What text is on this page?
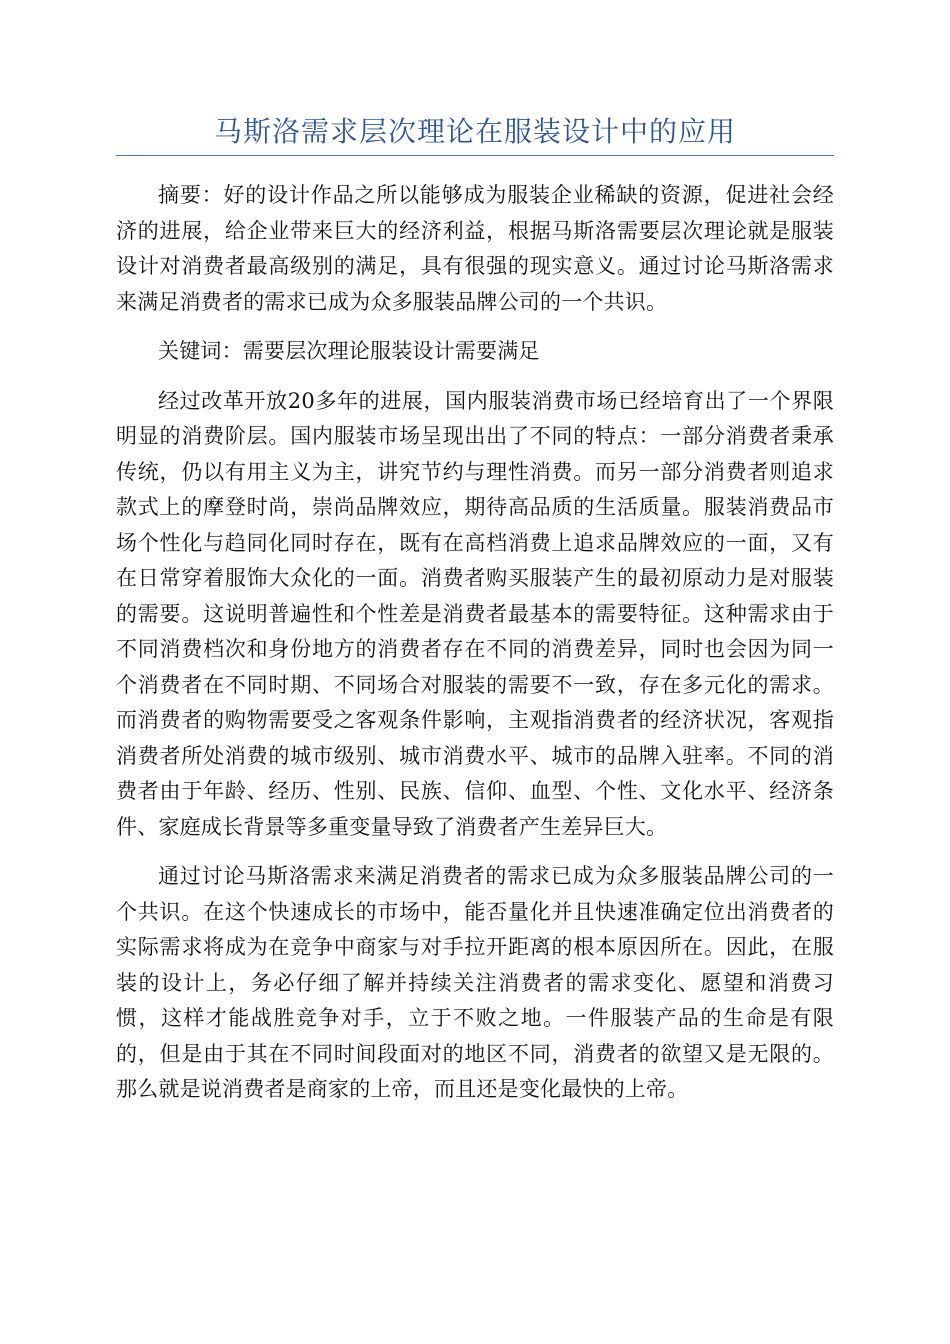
马斯洛需求层次理论在服装设计中的应用

摘要：好的设计作品之所以能够成为服装企业稀缺的资源，促进社会经济的进展，给企业带来巨大的经济利益，根据马斯洛需要层次理论就是服装设计对消费者最高级别的满足，具有很强的现实意义。通过讨论马斯洛需求来满足消费者的需求已成为众多服装品牌公司的一个共识。

关键词：需要层次理论服装设计需要满足

经过改革开放20多年的进展，国内服装消费市场已经培育出了一个界限明显的消费阶层。国内服装市场呈现出出了不同的特点：一部分消费者秉承传统，仍以有用主义为主，讲究节约与理性消费。而另一部分消费者则追求款式上的摩登时尚，崇尚品牌效应，期待高品质的生活质量。服装消费品市场个性化与趋同化同时存在，既有在高档消费上追求品牌效应的一面，又有在日常穿着服饰大众化的一面。消费者购买服装产生的最初原动力是对服装的需要。这说明普遍性和个性差是消费者最基本的需要特征。这种需求由于不同消费档次和身份地方的消费者存在不同的消费差异，同时也会因为同一个消费者在不同时期、不同场合对服装的需要不一致，存在多元化的需求。而消费者的购物需要受之客观条件影响，主观指消费者的经济状况，客观指消费者所处消费的城市级别、城市消费水平、城市的品牌入驻率。不同的消费者由于年龄、经历、性别、民族、信仰、血型、个性、文化水平、经济条件、家庭成长背景等多重变量导致了消费者产生差异巨大。

通过讨论马斯洛需求来满足消费者的需求已成为众多服装品牌公司的一个共识。在这个快速成长的市场中，能否量化并且快速准确定位出消费者的实际需求将成为在竞争中商家与对手拉开距离的根本原因所在。因此，在服装的设计上，务必仔细了解并持续关注消费者的需求变化、愿望和消费习惯，这样才能战胜竞争对手，立于不败之地。一件服装产品的生命是有限的，但是由于其在不同时间段面对的地区不同，消费者的欲望又是无限的。那么就是说消费者是商家的上帝，而且还是变化最快的上帝。
